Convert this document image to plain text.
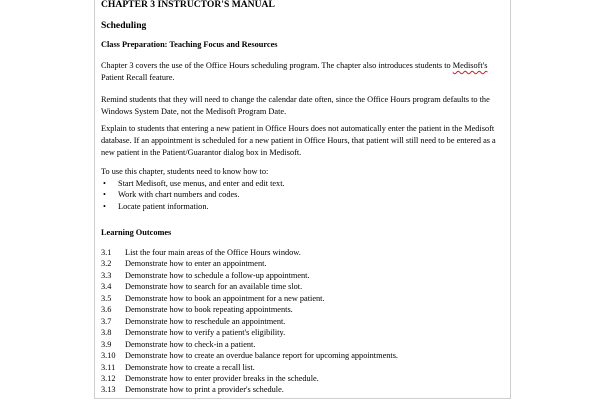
CHAPTER 3 INSTRUCTOR'S MANUAL
Scheduling
Class Preparation: Teaching Focus and Resources

Chapter 3 covers the use of the Office Hours scheduling program. The chapter also introduces students to Medisoft's Patient Recall feature.

Remind students that they will need to change the calendar date often, since the Office Hours program defaults to the Windows System Date, not the Medisoft Program Date.

Explain to students that entering a new patient in Office Hours does not automatically enter the patient in the Medisoft database. If an appointment is scheduled for a new patient in Office Hours, that patient will still need to be entered as a new patient in the Patient/Guarantor dialog box in Medisoft.

To use this chapter, students need to know how to:

• Start Medisoft, use menus, and enter and edit text.
• Work with chart numbers and codes.
• Locate patient information.
Learning Outcomes
3.1	List the four main areas of the Office Hours window.
3.2	Demonstrate how to enter an appointment.
3.3	Demonstrate how to schedule a follow-up appointment.
3.4	Demonstrate how to search for an available time slot.
3.5	Demonstrate how to book an appointment for a new patient.
3.6	Demonstrate how to book repeating appointments.
3.7	Demonstrate how to reschedule an appointment.
3.8	Demonstrate how to verify a patient's eligibility.
3.9	Demonstrate how to check-in a patient.
3.10	Demonstrate how to create an overdue balance report for upcoming appointments.
3.11	Demonstrate how to create a recall list.
3.12	Demonstrate how to enter provider breaks in the schedule.
3.13	Demonstrate how to print a provider's schedule.
